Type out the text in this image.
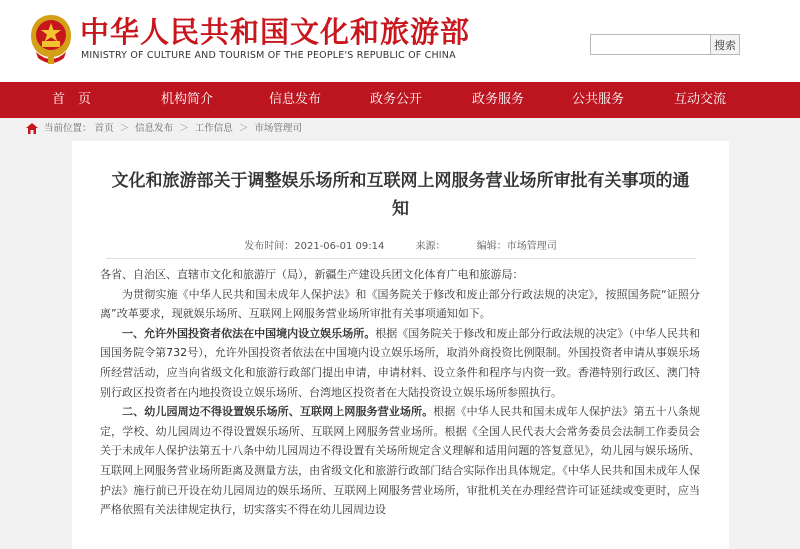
中华人民共和国文化和旅游部
MINISTRY OF CULTURE AND TOURISM OF THE PEOPLE'S REPUBLIC OF CHINA
搜索
首　页	机构简介	信息发布	政务公开	政务服务	公共服务	互动交流
当前位置： 首页 ＞ 信息发布 ＞ 工作信息 ＞ 市场管理司
文化和旅游部关于调整娱乐场所和互联网上网服务营业场所审批有关事项的通知
发布时间：2021-06-01 09:14	来源：	编辑：市场管理司

各省、自治区、直辖市文化和旅游厅（局），新疆生产建设兵团文化体育广电和旅游局：

为贯彻实施《中华人民共和国未成年人保护法》和《国务院关于修改和废止部分行政法规的决定》，按照国务院“证照分离”改革要求，现就娱乐场所、互联网上网服务营业场所审批有关事项通知如下。

一、允许外国投资者依法在中国境内设立娱乐场所。根据《国务院关于修改和废止部分行政法规的决定》（中华人民共和国国务院令第732号），允许外国投资者依法在中国境内设立娱乐场所，取消外商投资比例限制。外国投资者申请从事娱乐场所经营活动，应当向省级文化和旅游行政部门提出申请，申请材料、设立条件和程序与内资一致。香港特别行政区、澳门特别行政区投资者在内地投资设立娱乐场所、台湾地区投资者在大陆投资设立娱乐场所参照执行。

二、幼儿园周边不得设置娱乐场所、互联网上网服务营业场所。根据《中华人民共和国未成年人保护法》第五十八条规定，学校、幼儿园周边不得设置娱乐场所、互联网上网服务营业场所。根据《全国人民代表大会常务委员会法制工作委员会关于未成年人保护法第五十八条中幼儿园周边不得设置有关场所规定含义理解和适用问题的答复意见》，幼儿园与娱乐场所、互联网上网服务营业场所距离及测量方法，由省级文化和旅游行政部门结合实际作出具体规定。《中华人民共和国未成年人保护法》施行前已开设在幼儿园周边的娱乐场所、互联网上网服务营业场所，审批机关在办理经营许可证延续或变更时，应当严格依照有关法律规定执行，切实落实不得在幼儿园周边设
